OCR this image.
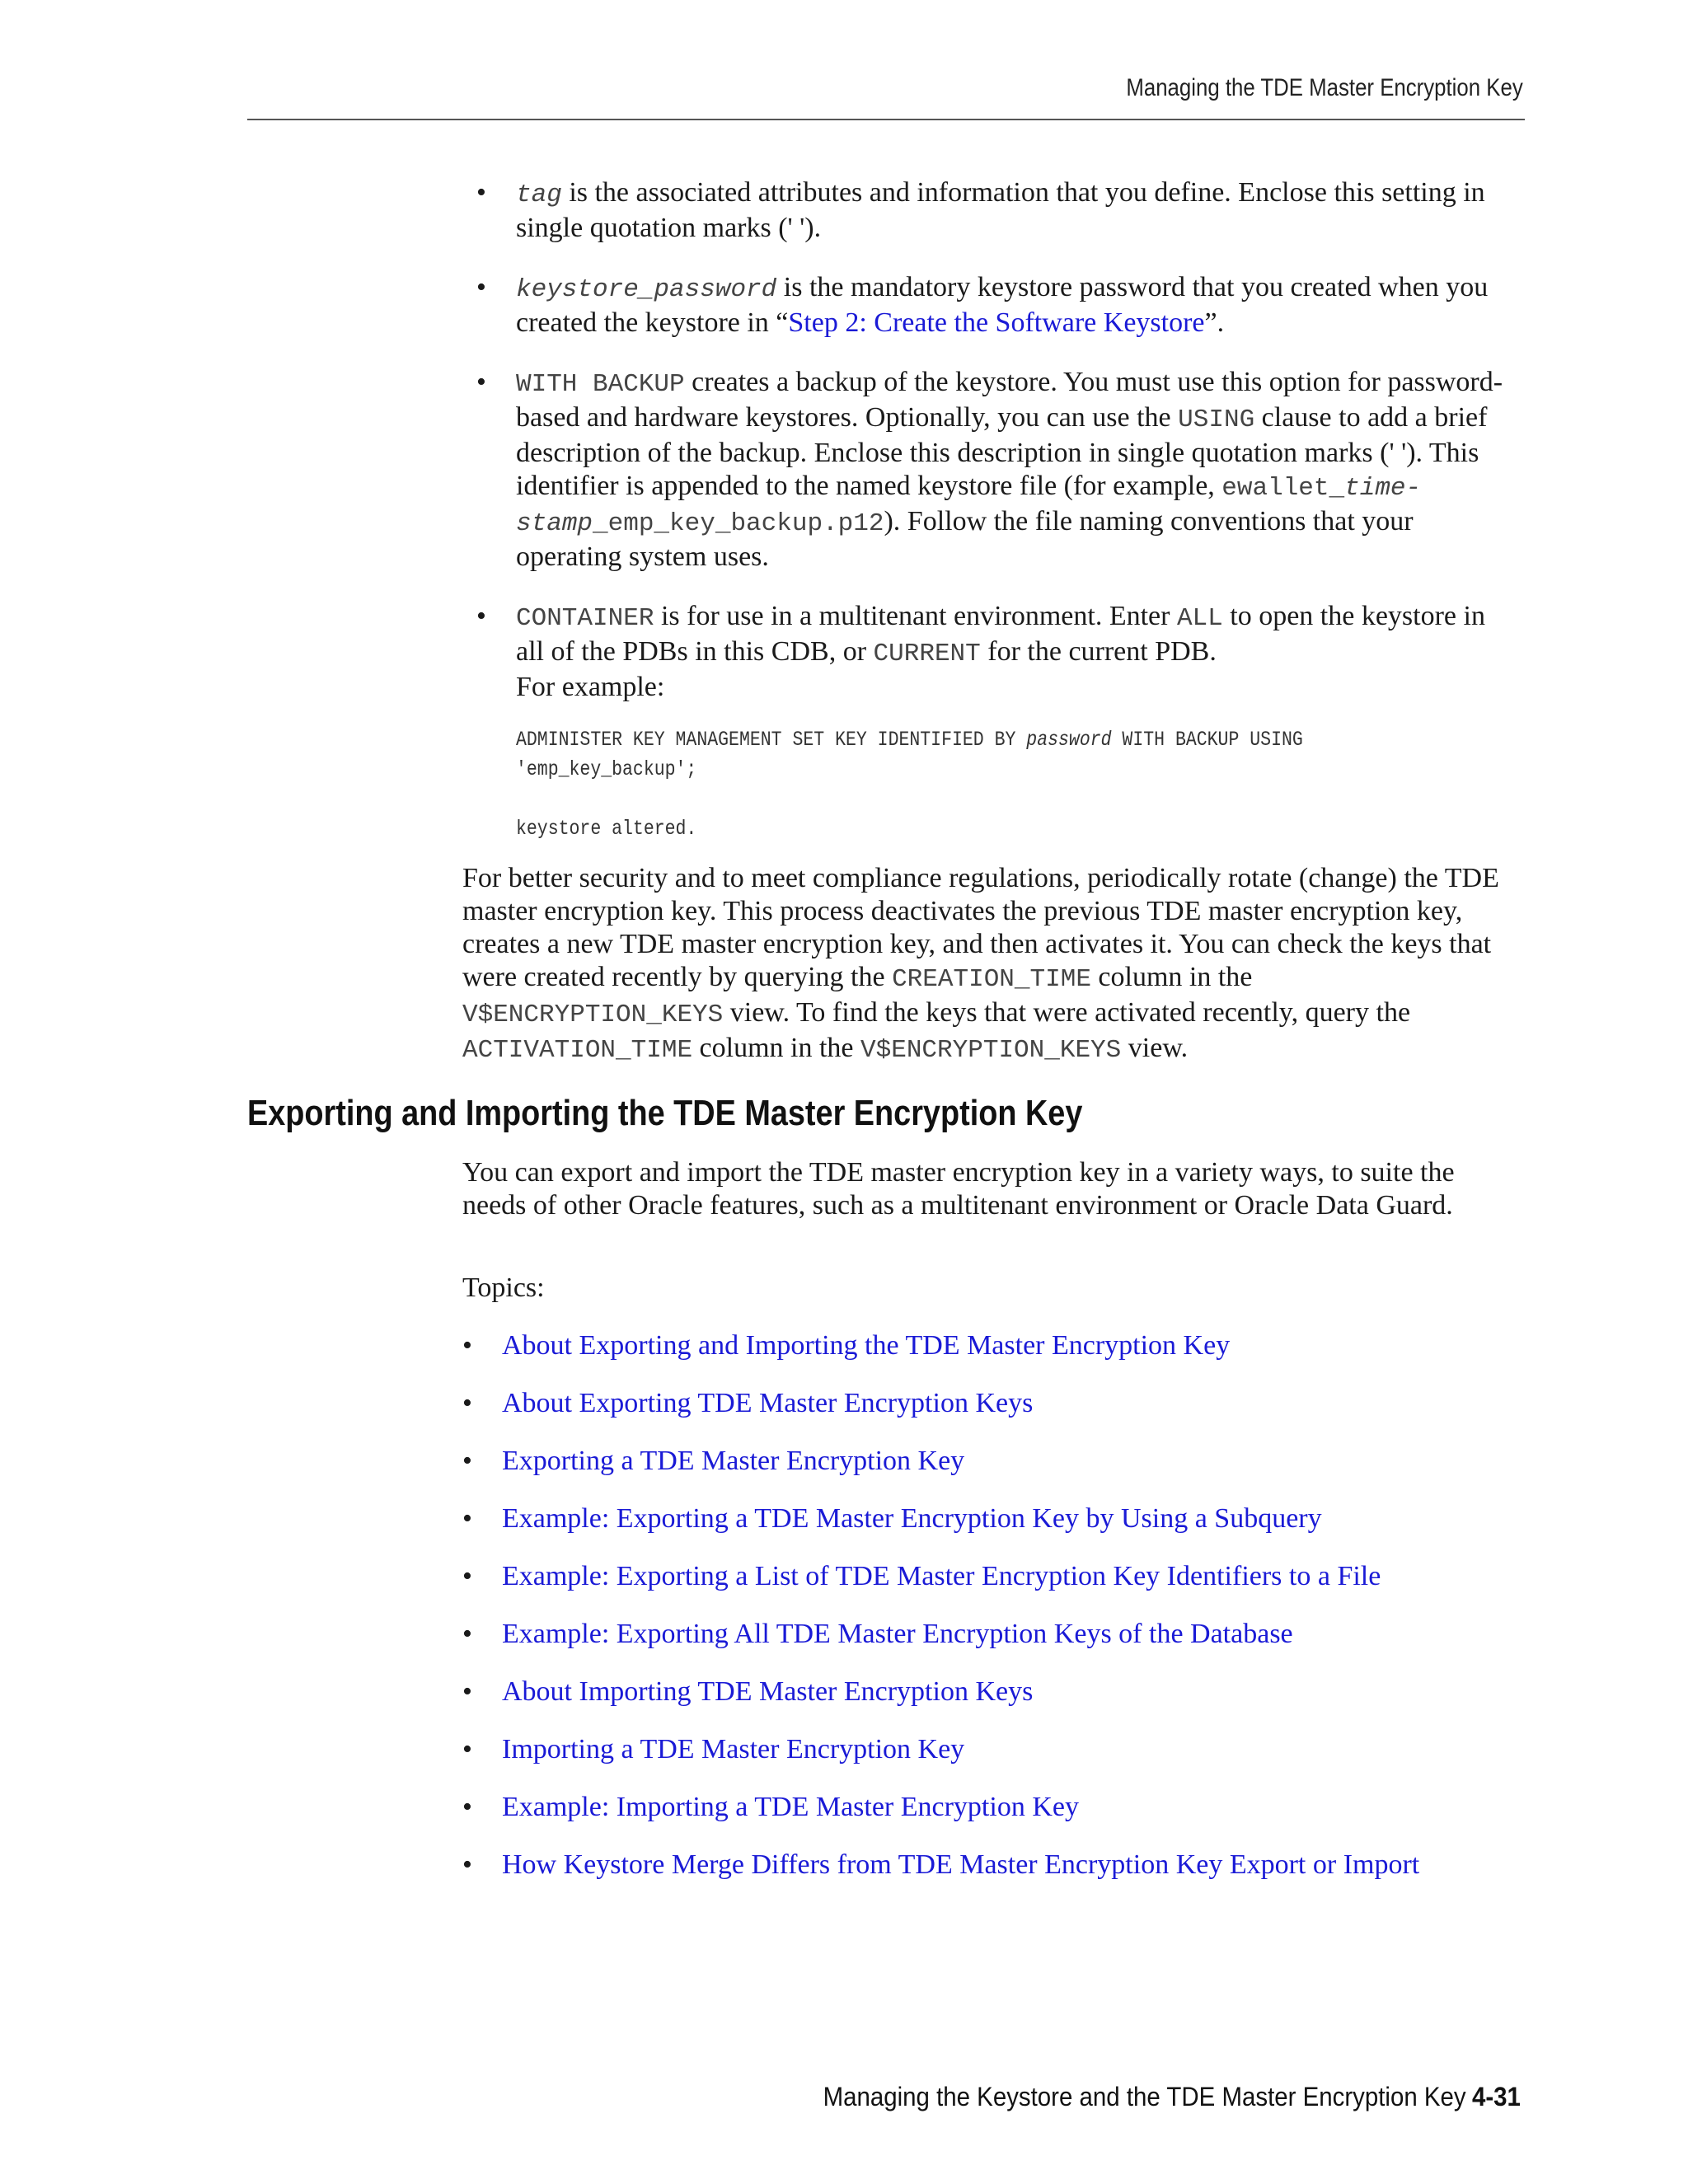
Managing the TDE Master Encryption Key
• tag is the associated attributes and information that you define. Enclose this setting in single quotation marks (' ').
• keystore_password is the mandatory keystore password that you created when you created the keystore in “Step 2: Create the Software Keystore”.
• WITH BACKUP creates a backup of the keystore. You must use this option for password-based and hardware keystores. Optionally, you can use the USING clause to add a brief description of the backup. Enclose this description in single quotation marks (' '). This identifier is appended to the named keystore file (for example, ewallet_time-stamp_emp_key_backup.p12). Follow the file naming conventions that your operating system uses.
• CONTAINER is for use in a multitenant environment. Enter ALL to open the keystore in all of the PDBs in this CDB, or CURRENT for the current PDB.
For example:
ADMINISTER KEY MANAGEMENT SET KEY IDENTIFIED BY password WITH BACKUP USING
'emp_key_backup';

keystore altered.

For better security and to meet compliance regulations, periodically rotate (change) the TDE master encryption key. This process deactivates the previous TDE master encryption key, creates a new TDE master encryption key, and then activates it. You can check the keys that were created recently by querying the CREATION_TIME column in the V$ENCRYPTION_KEYS view. To find the keys that were activated recently, query the ACTIVATION_TIME column in the V$ENCRYPTION_KEYS view.

Exporting and Importing the TDE Master Encryption Key

You can export and import the TDE master encryption key in a variety ways, to suite the needs of other Oracle features, such as a multitenant environment or Oracle Data Guard.

Topics:

• About Exporting and Importing the TDE Master Encryption Key
• About Exporting TDE Master Encryption Keys
• Exporting a TDE Master Encryption Key
• Example: Exporting a TDE Master Encryption Key by Using a Subquery
• Example: Exporting a List of TDE Master Encryption Key Identifiers to a File
• Example: Exporting All TDE Master Encryption Keys of the Database
• About Importing TDE Master Encryption Keys
• Importing a TDE Master Encryption Key
• Example: Importing a TDE Master Encryption Key
• How Keystore Merge Differs from TDE Master Encryption Key Export or Import
Managing the Keystore and the TDE Master Encryption Key 4-31
